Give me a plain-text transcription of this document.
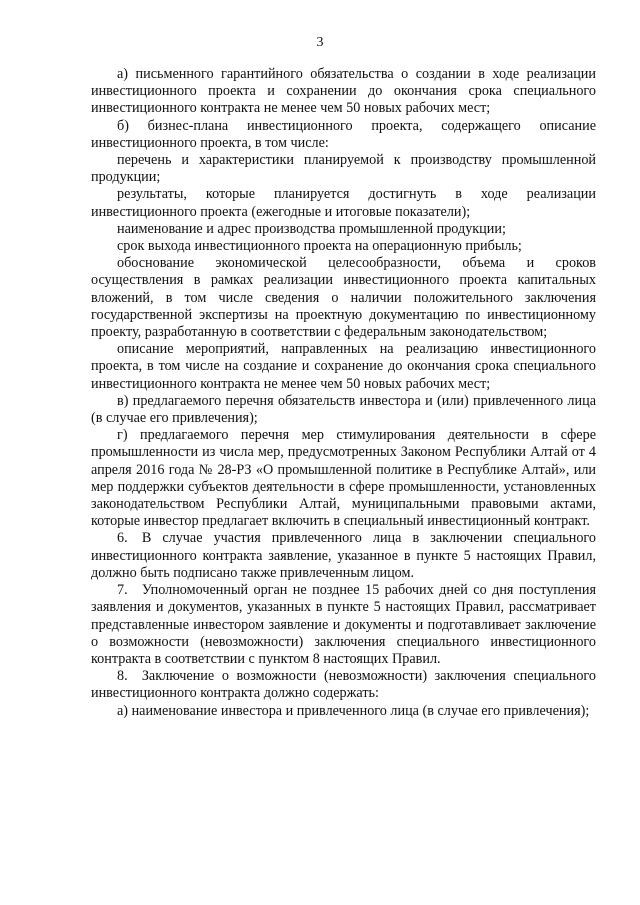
3

а) письменного гарантийного обязательства о создании в ходе реализации инвестиционного проекта и сохранении до окончания срока специального инвестиционного контракта не менее чем 50 новых рабочих мест;

б) бизнес-плана инвестиционного проекта, содержащего описание инвестиционного проекта, в том числе:

перечень и характеристики планируемой к производству промышленной продукции;

результаты, которые планируется достигнуть в ходе реализации инвестиционного проекта (ежегодные и итоговые показатели);

наименование и адрес производства промышленной продукции;

срок выхода инвестиционного проекта на операционную прибыль;

обоснование экономической целесообразности, объема и сроков осуществления в рамках реализации инвестиционного проекта капитальных вложений, в том числе сведения о наличии положительного заключения государственной экспертизы на проектную документацию по инвестиционному проекту, разработанную в соответствии с федеральным законодательством;

описание мероприятий, направленных на реализацию инвестиционного проекта, в том числе на создание и сохранение до окончания срока специального инвестиционного контракта не менее чем 50 новых рабочих мест;

в) предлагаемого перечня обязательств инвестора и (или) привлеченного лица (в случае его привлечения);

г) предлагаемого перечня мер стимулирования деятельности в сфере промышленности из числа мер, предусмотренных Законом Республики Алтай от 4 апреля 2016 года № 28-РЗ «О промышленной политике в Республике Алтай», или мер поддержки субъектов деятельности в сфере промышленности, установленных законодательством Республики Алтай, муниципальными правовыми актами, которые инвестор предлагает включить в специальный инвестиционный контракт.

6. В случае участия привлеченного лица в заключении специального инвестиционного контракта заявление, указанное в пункте 5 настоящих Правил, должно быть подписано также привлеченным лицом.

7. Уполномоченный орган не позднее 15 рабочих дней со дня поступления заявления и документов, указанных в пункте 5 настоящих Правил, рассматривает представленные инвестором заявление и документы и подготавливает заключение о возможности (невозможности) заключения специального инвестиционного контракта в соответствии с пунктом 8 настоящих Правил.

8. Заключение о возможности (невозможности) заключения специального инвестиционного контракта должно содержать:

а) наименование инвестора и привлеченного лица (в случае его привлечения);
